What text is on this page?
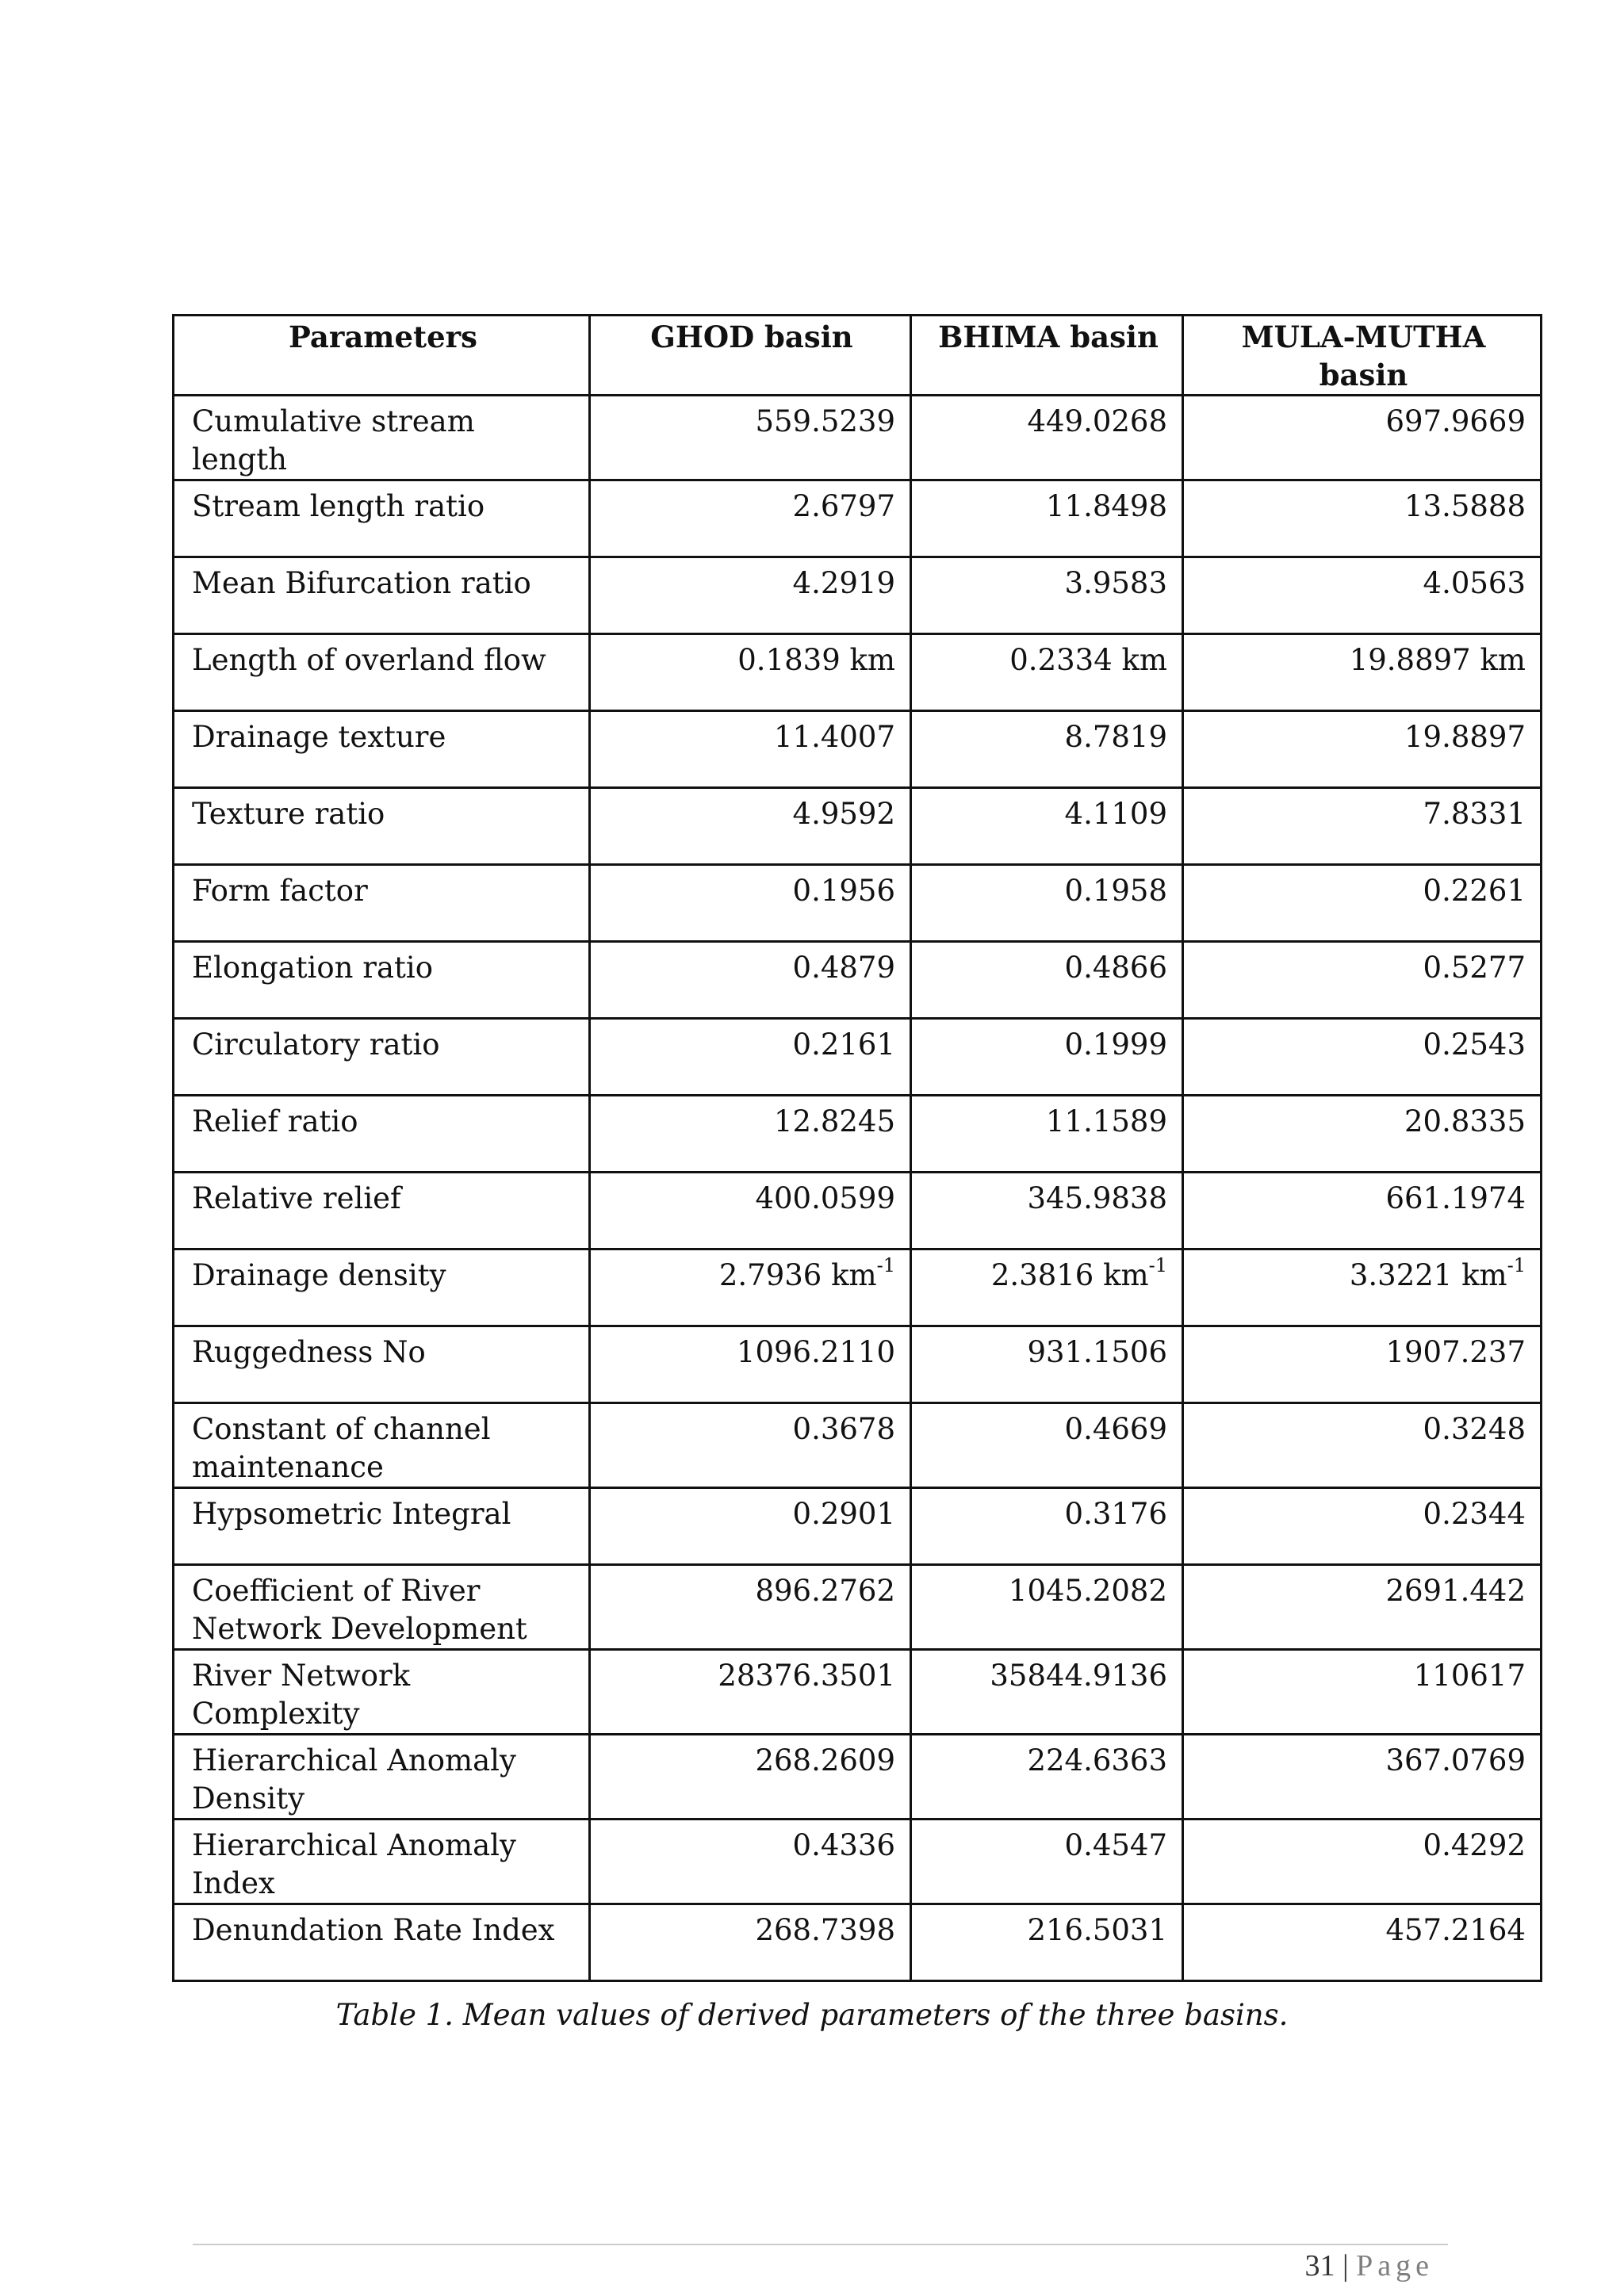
Parameters	GHOD basin	BHIMA basin	MULA-MUTHA basin
Cumulative stream length	559.5239	449.0268	697.9669
Stream length ratio	2.6797	11.8498	13.5888
Mean Bifurcation ratio	4.2919	3.9583	4.0563
Length of overland flow	0.1839 km	0.2334 km	19.8897 km
Drainage texture	11.4007	8.7819	19.8897
Texture ratio	4.9592	4.1109	7.8331
Form factor	0.1956	0.1958	0.2261
Elongation ratio	0.4879	0.4866	0.5277
Circulatory ratio	0.2161	0.1999	0.2543
Relief ratio	12.8245	11.1589	20.8335
Relative relief	400.0599	345.9838	661.1974
Drainage density	2.7936 $km^{-1}$	2.3816 $km^{-1}$	3.3221 $km^{-1}$
Ruggedness No	1096.2110	931.1506	1907.237
Constant of channel maintenance	0.3678	0.4669	0.3248
Hypsometric Integral	0.2901	0.3176	0.2344
Coefficient of River Network Development	896.2762	1045.2082	2691.442
River Network Complexity	28376.3501	35844.9136	110617
Hierarchical Anomaly Density	268.2609	224.6363	367.0769
Hierarchical Anomaly Index	0.4336	0.4547	0.4292
Denundation Rate Index	268.7398	216.5031	457.2164
Table 1. Mean values of derived parameters of the three basins.
31 | Page
